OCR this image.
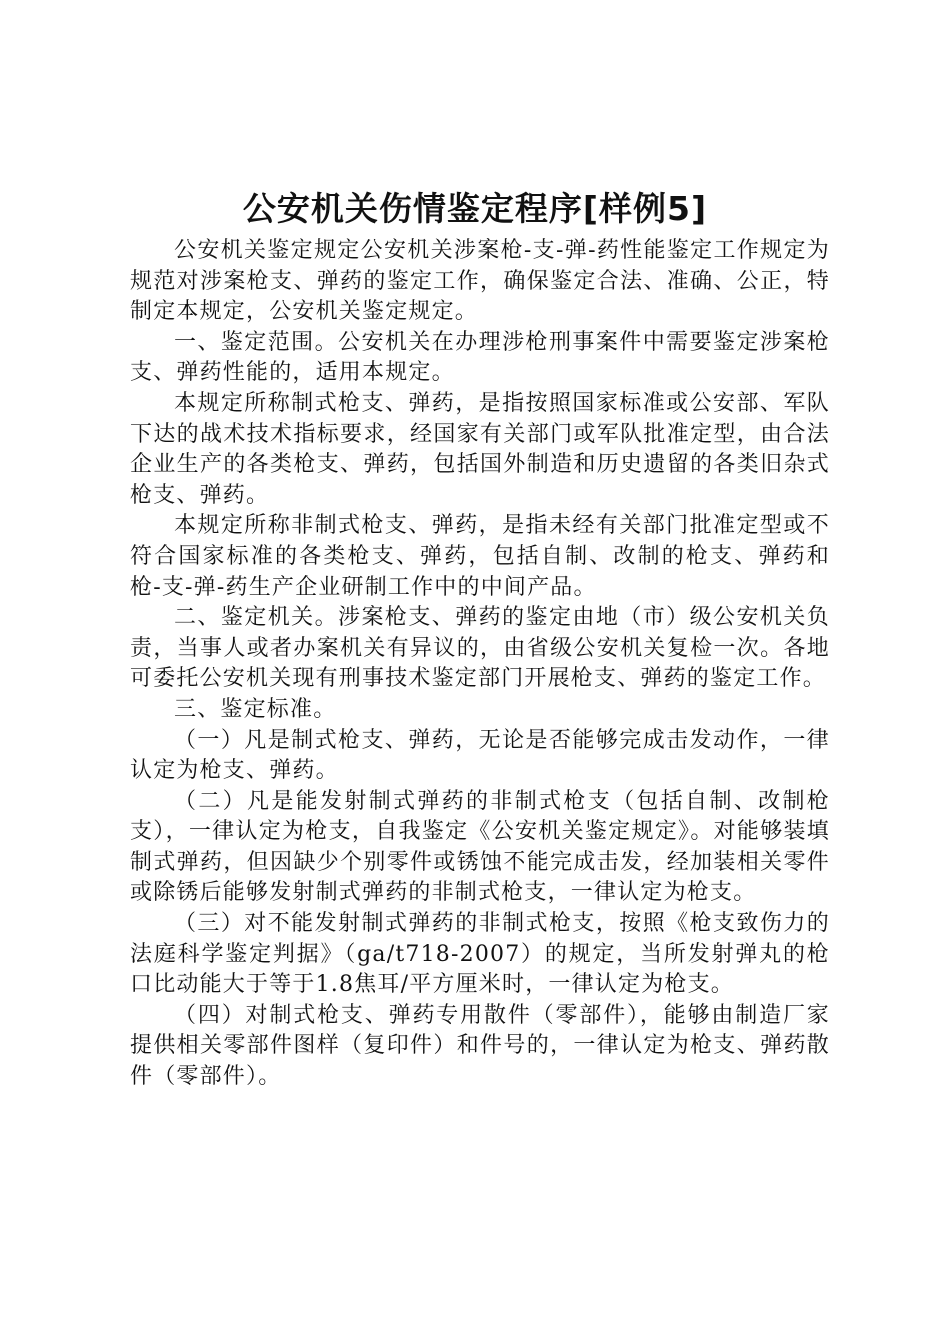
公安机关伤情鉴定程序[样例5]

公安机关鉴定规定公安机关涉案枪-支-弹-药性能鉴定工作规定为规范对涉案枪支、弹药的鉴定工作，确保鉴定合法、准确、公正，特制定本规定，公安机关鉴定规定。

一、鉴定范围。公安机关在办理涉枪刑事案件中需要鉴定涉案枪支、弹药性能的，适用本规定。

本规定所称制式枪支、弹药，是指按照国家标准或公安部、军队下达的战术技术指标要求，经国家有关部门或军队批准定型，由合法企业生产的各类枪支、弹药，包括国外制造和历史遗留的各类旧杂式枪支、弹药。

本规定所称非制式枪支、弹药，是指未经有关部门批准定型或不符合国家标准的各类枪支、弹药，包括自制、改制的枪支、弹药和枪-支-弹-药生产企业研制工作中的中间产品。

二、鉴定机关。涉案枪支、弹药的鉴定由地（市）级公安机关负责，当事人或者办案机关有异议的，由省级公安机关复检一次。各地可委托公安机关现有刑事技术鉴定部门开展枪支、弹药的鉴定工作。

三、鉴定标准。

（一）凡是制式枪支、弹药，无论是否能够完成击发动作，一律认定为枪支、弹药。

（二）凡是能发射制式弹药的非制式枪支（包括自制、改制枪支），一律认定为枪支，自我鉴定《公安机关鉴定规定》。对能够装填制式弹药，但因缺少个别零件或锈蚀不能完成击发，经加装相关零件或除锈后能够发射制式弹药的非制式枪支，一律认定为枪支。

（三）对不能发射制式弹药的非制式枪支，按照《枪支致伤力的法庭科学鉴定判据》（ga/t718-2007）的规定，当所发射弹丸的枪口比动能大于等于1.8焦耳/平方厘米时，一律认定为枪支。

（四）对制式枪支、弹药专用散件（零部件），能够由制造厂家提供相关零部件图样（复印件）和件号的，一律认定为枪支、弹药散件（零部件）。
